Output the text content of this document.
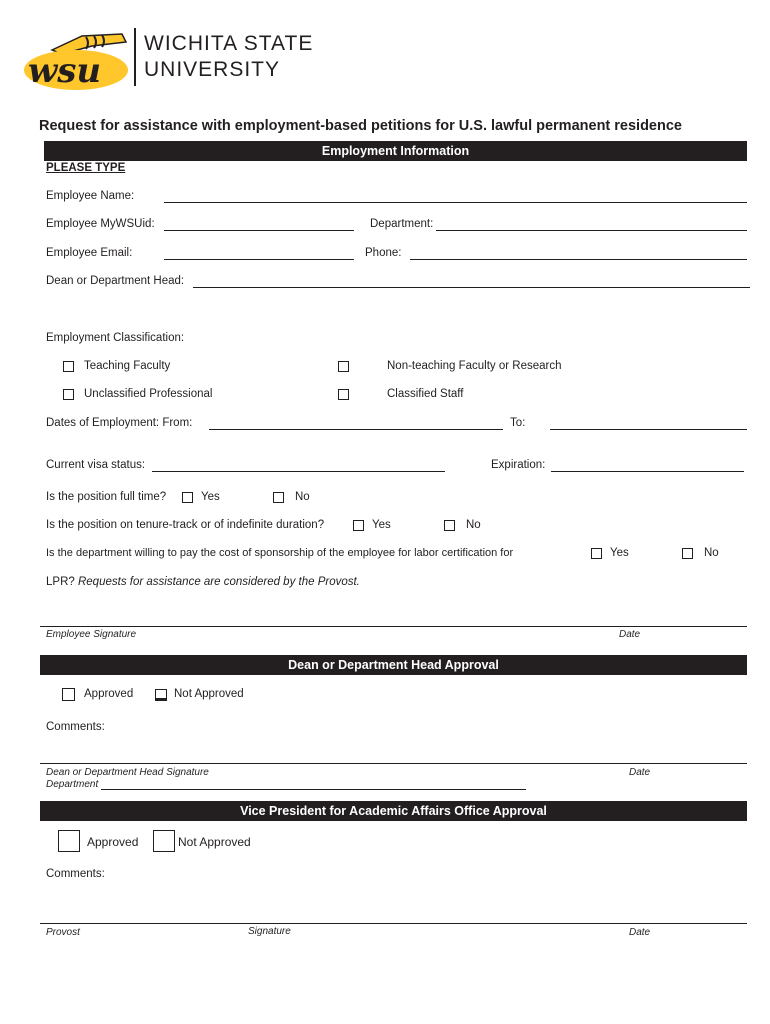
wsu
WICHITA STATE
UNIVERSITY
Request for assistance with employment-based petitions for U.S. lawful permanent residence
Employment Information
PLEASE TYPE
Employee Name:
Employee MyWSUid:	Department:
Employee Email:	Phone:
Dean or Department Head:
Employment Classification:
Teaching Faculty	Non-teaching Faculty or Research
Unclassified Professional	Classified Staff
Dates of Employment: From:	To:
Current visa status:	Expiration:
Is the position full time?	Yes	No
Is the position on tenure-track or of indefinite duration?	Yes	No
Is the department willing to pay the cost of sponsorship of the employee for labor certification for	Yes	No
LPR? Requests for assistance are considered by the Provost.
Employee Signature	Date
Dean or Department Head Approval
Approved	Not Approved
Comments:
Dean or Department Head Signature	Date
Department
Vice President for Academic Affairs Office Approval
Approved	Not Approved
Comments:
Provost	Signature	Date
